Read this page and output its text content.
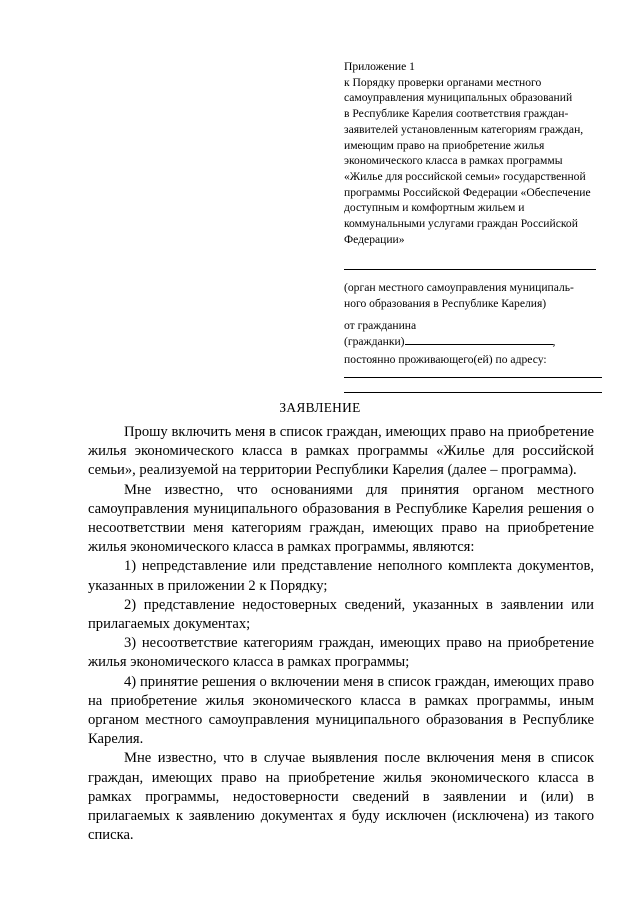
Приложение 1
к Порядку проверки органами местного
самоуправления муниципальных образований
в Республике Карелия соответствия граждан-
заявителей установленным категориям граждан,
имеющим право на приобретение жилья
экономического класса в рамках программы
«Жилье для российской семьи» государственной
программы Российской Федерации «Обеспечение
доступным и комфортным жильем и
коммунальными услугами граждан Российской
Федерации»
(орган местного самоуправления муниципаль-
ного образования в Республике Карелия)
от гражданина
(гражданки)	,
постоянно проживающего(ей) по адресу:
ЗАЯВЛЕНИЕ

Прошу включить меня в список граждан, имеющих право на приобретение жилья экономического класса в рамках программы «Жилье для российской семьи», реализуемой на территории Республики Карелия (далее – программа).

Мне известно, что основаниями для принятия органом местного самоуправления муниципального образования в Республике Карелия решения о несоответствии меня категориям граждан, имеющих право на приобретение жилья экономического класса в рамках программы, являются:

1) непредставление или представление неполного комплекта документов, указанных в приложении 2 к Порядку;

2) представление недостоверных сведений, указанных в заявлении или прилагаемых документах;

3) несоответствие категориям граждан, имеющих право на приобретение жилья экономического класса в рамках программы;

4) принятие решения о включении меня в список граждан, имеющих право на приобретение жилья экономического класса в рамках программы, иным органом местного самоуправления муниципального образования в Республике Карелия.

Мне известно, что в случае выявления после включения меня в список граждан, имеющих право на приобретение жилья экономического класса в рамках программы, недостоверности сведений в заявлении и (или) в прилагаемых к заявлению документах я буду исключен (исключена) из такого списка.
